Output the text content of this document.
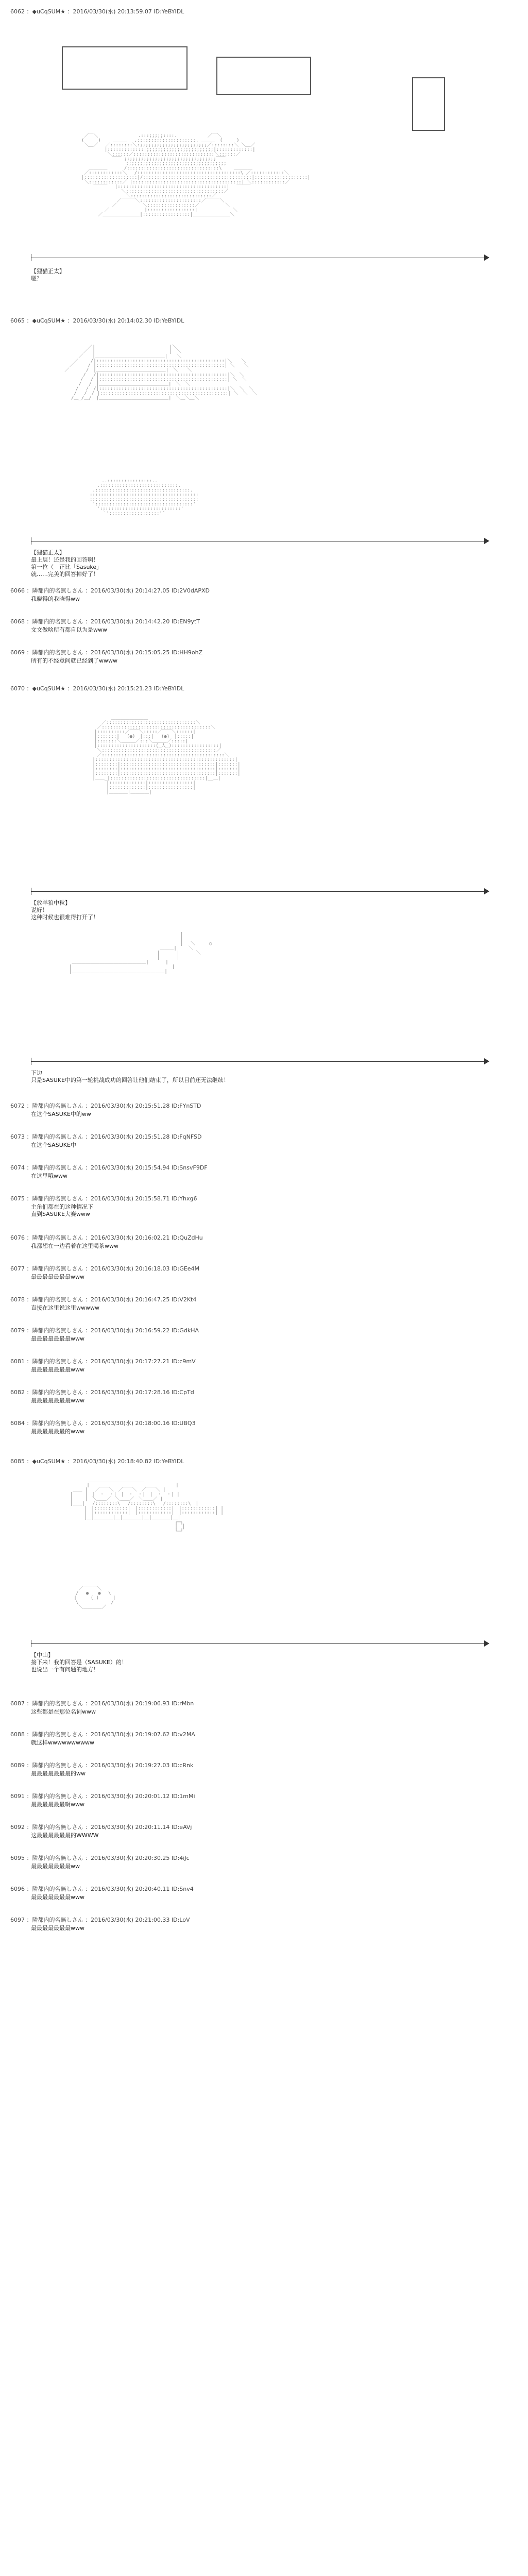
6062 ：◆uCqSUM★ ：2016/03/30(水) 20:13:59.07 ID:YeBYIDL
　　 ／￣＼　　　　　　　　 .:::;;;;;::::.　　　　　　 ／￣＼
　　(　　　)　　 ＿＿＿　 .:::;;;;;;;;;;;;;;::::. ＿＿＿　(　　　)
　　 ＼＿／　 ／::::::::＼:;;;;;;;;;;;;;;;;;;;;;;;;／::::::::＼ ＼＿／
　　　　　　　|:::::::::::::|;;;;;;;;;;;;;;;;;;;;;;;;|:::::::::::::|
　　　　　　　 ＼::::::／;;;;;;;;;;;;;;;;;;;;;;;;;;;;;＼::::::／
　　　　　　　　 ￣￣ ;;;;;;;;;;;;;;;;;;;;;;;;;;;;;;;;;￣￣
　　　　　　　　　　　 ;;;;;;;;;;;;;;;;;;;;;;;;;;;;;;;;;;;;
　　　 ＿＿＿＿　　　 /:::::::::::::::::::::::::::::::::\　　 ＿＿＿＿
　　 ／::::::::::::＼　 /:::::::::::::::::::::::::::::::::::::\ ／::::::::::::＼
　　|:::::::::::::::::::|/:::::::::::::::::::::::::::::::::::::::|:::::::::::::::::::|
　　 ＼::::::::::::／ |:::::::::::::::::::::::::::::::::::::::| ＼::::::::::::／
　　　　 ￣￣￣　 |:::::::::::::::::::::::::::::::::::::::|　 ￣￣￣
　　　　　　　　　　 ＼:::::::::::::::::::::::::::::::::::／
　　　　　　　　　　　 ＼:::::::::::::::::::::::::::::／
　　　　　　　　　 ／￣￣￣＼::::::::::::::::::::::／￣￣￣＼
　　　　　　　　 ／　　　　　 ＼:::::::::::::::::／　　　　　 ＼
　　　　　　　／　　　　　　　 |:::::::::::::::::|　　　　　　　 ＼
　　　　　 ／＿＿＿＿＿＿＿＿|:::::::::::::::::|＿＿＿＿＿＿＿＿＼
【狸猫正太】
嗯？
6065 ：◆uCqSUM★ ：2016/03/30(水) 20:14:02.30 ID:YeBYIDL
　　　　　 ／|　　　　　　　　　　　　　　　　|＼
　　　　 ／　|　　　　　　　　　　　　　　　　|　＼
　　　 ／　　|＿＿＿＿＿＿＿＿＿＿＿＿＿＿＿|　　＼
　　 ／　　 /|::::::::::::::::::::::::::::::::::::::::::::::|＼　　＼
　 ／　　　/ |::::::::::::::::::::::::::::::::::::::::::::::| ＼　　＼
／　　　 /　|＿＿＿＿＿＿＿＿＿＿＿＿＿＿＿|　＼　　＼
　　　　 /　 /|::::::::::::::::::::::::::::::::::::::::::::::|＼　＼
　　　　/　 / |::::::::::::::::::::::::::::::::::::::::::::::| ＼　＼
　　　 /　 /　|＿＿＿＿＿＿＿＿＿＿＿＿＿＿＿|　＼　＼
　　　/　 /　/|::::::::::::::::::::::::::::::::::::::::::::::|＼　＼　＼
　　 /　 /　/ |::::::::::::::::::::::::::::::::::::::::::::::| ＼　＼　＼
　　/＿_/＿/　|＿＿＿＿＿＿＿＿＿＿＿＿＿＿＿|　＼＿＼＿＼
　　　　　　　　 ..::::::::::::::::..
　　　　　　　 .::::::::::::::::::::::::::::.
　　　　　　 .::::::::::::::::::::::::::::::::::.
　　　　　　:::::::::::::::::::::::::::::::::::::::
　　　　　　:::::::::::::::::::::::::::::::::::::::
　　　　　　 ':::::::::::::::::::::::::::::::::::'
　　　　　　　 ':::::::::::::::::::::::::::::'
　　　　　　　　 ｀'::::::::::::::::::'´
【狸猫正太】
最上层！还是我的回答啊！
第一位（　正比「Sasuke」
就……完美的回答掉好了！
6066 ：隣都内的名無しさん ：2016/03/30(水) 20:14:27.05 ID:2V0dAPXD
我晓得的我晓得ww
6068 ：隣都内的名無しさん ：2016/03/30(水) 20:14:42.20 ID:EN9ytT
文文做啥所有都自以为是www
6069 ：隣都内的名無しさん ：2016/03/30(水) 20:15:05.25 ID:HH9ohZ
所有的不经意间就已经到了wwww
6070 ：◆uCqSUM★ ：2016/03/30(水) 20:15:21.23 ID:YeBYIDL
　　　　　　　　　　 ＿＿＿＿＿＿＿＿
　　　　　　　　 ／::::::::::::::::::::::::::::::::＼
　　　　　　　 ／:::::::::::::::::::::::::::::::::::::::＼
　　　　　　　|::::::::::／￣￣＼:::::／￣￣＼::::::|
　　　　　　　|:::::::|　 (●)　|:::|　 (●)　|:::::|
　　　　　　　|:::::::＼＿＿＿／:::＼＿＿＿／:::::|
　　　　　　　|:::::::::::::::::::::(_人_):::::::::::::::::|
　　　　　　　 ＼:::::::::::::::::::::::::::::::::::::::::／
　　　　　　　 ／::::::::::::::::::::::::::::::::::::::::::::＼
　　　　　　 |::::::::::::::::::::::::::::::::::::::::::::::::::|
　　　　　　 |::::::::|::::::::::::::::::::::::::::::::::|:::::::|
　　　　　　 |::::::::|::::::::::::::::::::::::::::::::::|:::::::|
　　　　　　 |::::::::|::::::::::::::::::::::::::::::::::|:::::::|
　　　　　　 |＿＿_|::::::::::::::::::::::::::::::::::|__＿|
　　　　　　　　　 |:::::::::::::|::::::::::::::::|
　　　　　　　　　 |:::::::::::::|::::::::::::::::|
　　　　　　　　　 |＿＿＿＿|＿＿＿＿|
【放羊狼中秋】
说好！
这种时候也很难得打开了！
　　　　　　　　　　　　　　　　　　　　　　　　　　　　　　|
　　　　　　　　　　　　　　　　　　　　　　　　　　　　　　|
　　　　　　　　　　　　　　　　　　　　　　　　　　　　　　|　 ＼　　　○
　　　　　　　　　　　　　　　　　　　　　　　　　 ＿＿＿|　　 ＼
　　　　　　　　　　　　　　　　　　　　　　　　　|　　　 |　　　 ＼
　　　　　　　　　　　　　　　　　　　　　　　　　|　　　 |
　　　　　　 ＿＿＿＿＿＿＿＿＿＿＿＿＿＿＿＿|　　　 |
　　　　　　|　　　　　　　　　　　　　　　　　　　　　 |
　　　　　　|＿＿＿＿＿＿＿＿＿＿＿＿＿＿＿＿＿＿＿＿|
下边
只是SASUKE中的第一轮挑战成功的回答让他们结束了，所以目前还无法继续！
6072 ：隣都内的名無しさん ：2016/03/30(水) 20:15:51.28 ID:FYnSTD
在这个SASUKE中的ww
6073 ：隣都内的名無しさん ：2016/03/30(水) 20:15:51.28 ID:FqNFSD
在这个SASUKE中
6074 ：隣都内的名無しさん ：2016/03/30(水) 20:15:54.94 ID:SnsvF9DF
在这里哦www
6075 ：隣都内的名無しさん ：2016/03/30(水) 20:15:58.71 ID:Yhxg6
主角们都在的这种情况下
直到SASUKE大赛www
6076 ：隣都内的名無しさん ：2016/03/30(水) 20:16:02.21 ID:QuZdHu
我都想在一边看着在这里喝茶www
6077 ：隣都内的名無しさん ：2016/03/30(水) 20:16:18.03 ID:GEe4M
最最最最最最最www
6078 ：隣都内的名無しさん ：2016/03/30(水) 20:16:47.25 ID:V2Kt4
直接在这里说这里wwwww
6079 ：隣都内的名無しさん ：2016/03/30(水) 20:16:59.22 ID:GdkHA
最最最最最最最www
6081 ：隣都内的名無しさん ：2016/03/30(水) 20:17:27.21 ID:c9mV
最最最最最最最www
6082 ：隣都内的名無しさん ：2016/03/30(水) 20:17:28.16 ID:CpTd
最最最最最最最www
6084 ：隣都内的名無しさん ：2016/03/30(水) 20:18:00.16 ID:UBQ3
最最最最最最的www
6085 ：◆uCqSUM★ ：2016/03/30(水) 20:18:40.82 ID:YeBYIDL
　　　　　　　　＿＿＿＿＿＿＿＿＿＿＿＿
　　　　　　　 |　　　　　　　　　　　　　　　　　　 |
　　　　 ＿＿ |　 ／￣￣＼　／￣￣＼　／￣￣＼ |
　　　　|　　 |　|　・　・|　|　・　・|　|　・　・| |
　　　　|　　 |　＼＿＿／　＼＿＿／　＼＿＿／ |
　　　　|＿＿|　 /::::::::\　 /::::::::\　 /::::::::\　|
　　　　　　　|　|::::::::::::|　|::::::::::::|　|::::::::::::| |
　　　　　　　|　|::::::::::::|　|::::::::::::|　|::::::::::::| |
　　　　　　　|＿|＿＿＿＿|＿|＿＿＿＿|＿|＿＿＿＿|＿|
　　　　　　　　　　　　　　　　　　　　　　　　　　 ┌─┐
　　　　　　　　　　　　　　　　　　　　　　　　　　 │　│
　　　　　　　　　　　　　　　　　　　　　　　　　　 └─┘
　　　 ／￣￣￣＼
　　　/　 ●　　●　 \
　　 |　　　(_)　　　|
　　　\　　　　　　　/
　　　 ＼＿＿＿＿／
【中山】
接下来！我的回答是（SASUKE）的！
也说出一个有问题的地方！
6087 ：隣都内的名無しさん ：2016/03/30(水) 20:19:06.93 ID:rMbn
这些都是在那位名词www
6088 ：隣都内的名無しさん ：2016/03/30(水) 20:19:07.62 ID:v2MA
就这样wwwwwwwwww
6089 ：隣都内的名無しさん ：2016/03/30(水) 20:19:27.03 ID:cRnk
最最最最最最最的ww
6091 ：隣都内的名無しさん ：2016/03/30(水) 20:20:01.12 ID:1mMi
最最最最最最啊www
6092 ：隣都内的名無しさん ：2016/03/30(水) 20:20:11.14 ID:eAVj
这最最最最最最的WWWW
6095 ：隣都内的名無しさん ：2016/03/30(水) 20:20:30.25 ID:4iJc
最最最最最最最ww
6096 ：隣都内的名無しさん ：2016/03/30(水) 20:20:40.11 ID:Snv4
最最最最最最最www
6097 ：隣都内的名無しさん ：2016/03/30(水) 20:21:00.33 ID:LoV
最最最最最最最www
